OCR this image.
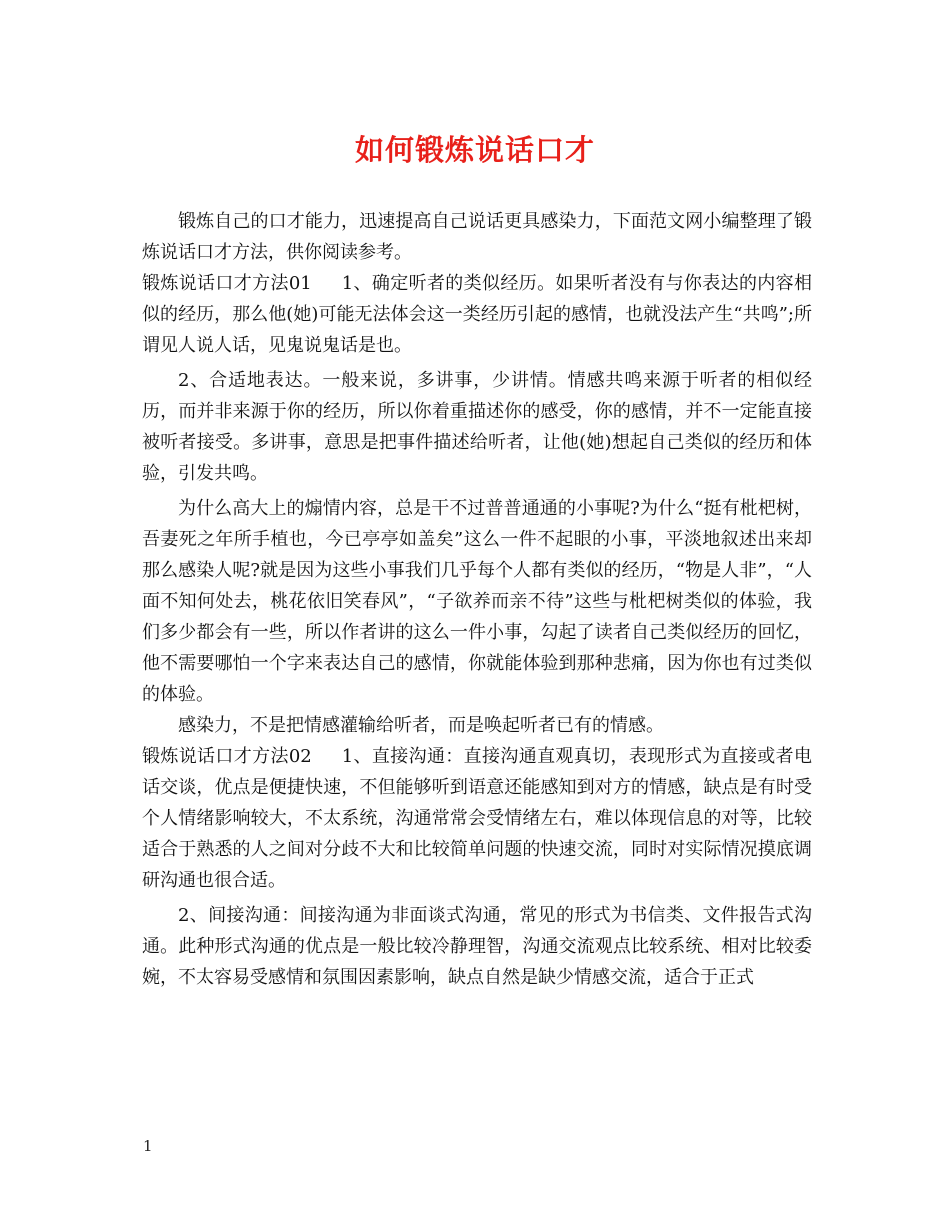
如何锻炼说话口才

锻炼自己的口才能力，迅速提高自己说话更具感染力，下面范文网小编整理了锻炼说话口才方法，供你阅读参考。

锻炼说话口才方法01 1、确定听者的类似经历。如果听者没有与你表达的内容相似的经历，那么他(她)可能无法体会这一类经历引起的感情，也就没法产生“共鸣”;所谓见人说人话，见鬼说鬼话是也。

2、合适地表达。一般来说，多讲事，少讲情。情感共鸣来源于听者的相似经历，而并非来源于你的经历，所以你着重描述你的感受，你的感情，并不一定能直接被听者接受。多讲事，意思是把事件描述给听者，让他(她)想起自己类似的经历和体验，引发共鸣。

为什么高大上的煽情内容，总是干不过普普通通的小事呢?为什么“挺有枇杷树，吾妻死之年所手植也，今已亭亭如盖矣”这么一件不起眼的小事，平淡地叙述出来却那么感染人呢?就是因为这些小事我们几乎每个人都有类似的经历，“物是人非”，“人面不知何处去，桃花依旧笑春风”，“子欲养而亲不待”这些与枇杷树类似的体验，我们多少都会有一些，所以作者讲的这么一件小事，勾起了读者自己类似经历的回忆，他不需要哪怕一个字来表达自己的感情，你就能体验到那种悲痛，因为你也有过类似的体验。

感染力，不是把情感灌输给听者，而是唤起听者已有的情感。

锻炼说话口才方法02 1、直接沟通：直接沟通直观真切，表现形式为直接或者电话交谈，优点是便捷快速，不但能够听到语意还能感知到对方的情感，缺点是有时受个人情绪影响较大，不太系统，沟通常常会受情绪左右，难以体现信息的对等，比较适合于熟悉的人之间对分歧不大和比较简单问题的快速交流，同时对实际情况摸底调研沟通也很合适。

2、间接沟通：间接沟通为非面谈式沟通，常见的形式为书信类、文件报告式沟通。此种形式沟通的优点是一般比较冷静理智，沟通交流观点比较系统、相对比较委婉，不太容易受感情和氛围因素影响，缺点自然是缺少情感交流，适合于正式

1
